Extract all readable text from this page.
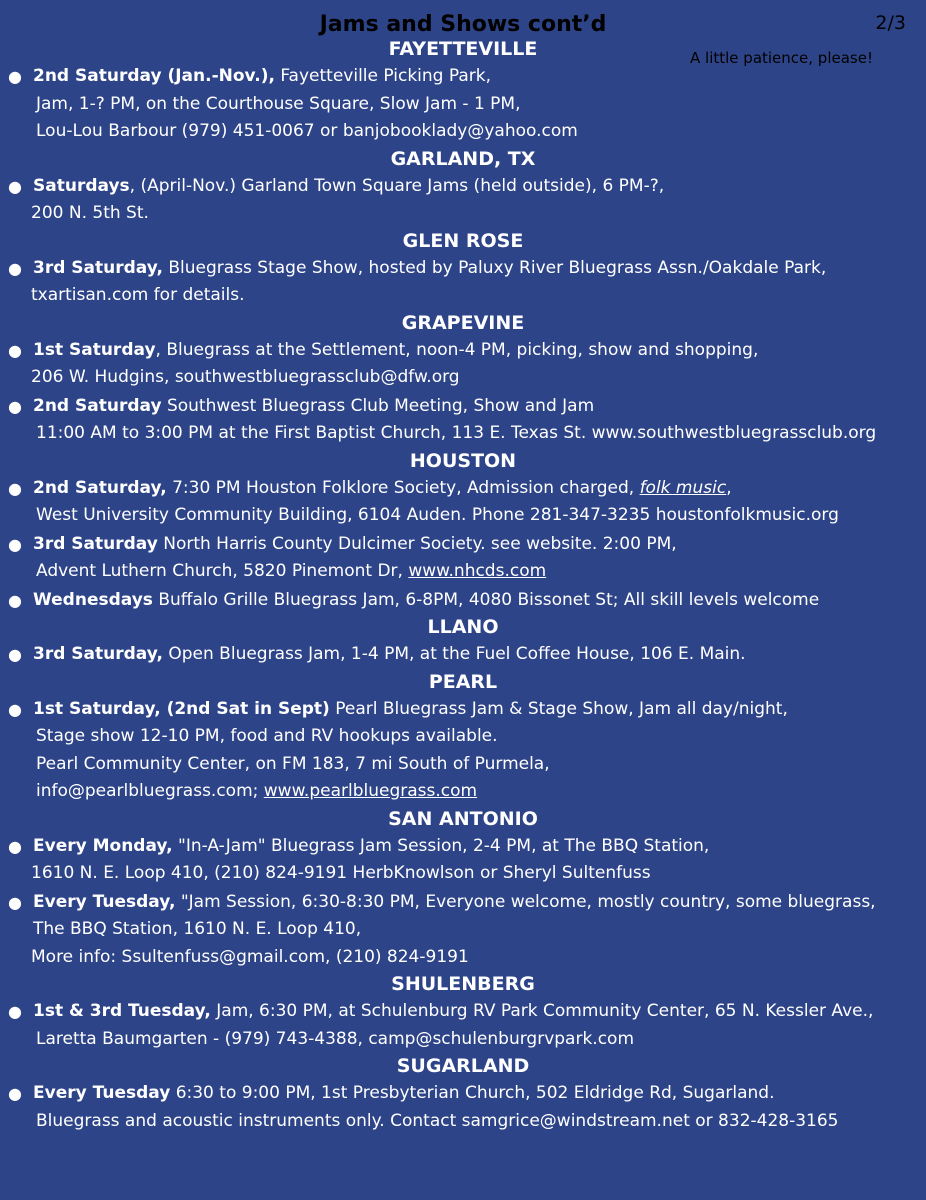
Jams and Shows cont’d	2/3
A little patience, please!
FAYETTEVILLE
● 2nd Saturday (Jan.-Nov.), Fayetteville Picking Park,
Jam, 1-? PM, on the Courthouse Square, Slow Jam - 1 PM,
Lou-Lou Barbour (979) 451-0067 or banjobooklady@yahoo.com
GARLAND, TX
● Saturdays, (April-Nov.) Garland Town Square Jams (held outside), 6 PM-?,
200 N. 5th St.
GLEN ROSE
● 3rd Saturday, Bluegrass Stage Show, hosted by Paluxy River Bluegrass Assn./Oakdale Park,
txartisan.com for details.
GRAPEVINE
● 1st Saturday, Bluegrass at the Settlement, noon-4 PM, picking, show and shopping,
206 W. Hudgins, southwestbluegrassclub@dfw.org
● 2nd Saturday Southwest Bluegrass Club Meeting, Show and Jam
11:00 AM to 3:00 PM at the First Baptist Church, 113 E. Texas St. www.southwestbluegrassclub.org
HOUSTON
● 2nd Saturday, 7:30 PM Houston Folklore Society, Admission charged, folk music,
West University Community Building, 6104 Auden. Phone 281-347-3235 houstonfolkmusic.org
● 3rd Saturday North Harris County Dulcimer Society. see website. 2:00 PM,
Advent Luthern Church, 5820 Pinemont Dr, www.nhcds.com
● Wednesdays Buffalo Grille Bluegrass Jam, 6-8PM, 4080 Bissonet St; All skill levels welcome
LLANO
● 3rd Saturday, Open Bluegrass Jam, 1-4 PM, at the Fuel Coffee House, 106 E. Main.
PEARL
● 1st Saturday, (2nd Sat in Sept) Pearl Bluegrass Jam & Stage Show, Jam all day/night,
Stage show 12-10 PM, food and RV hookups available.
Pearl Community Center, on FM 183, 7 mi South of Purmela,
info@pearlbluegrass.com; www.pearlbluegrass.com
SAN ANTONIO
● Every Monday, "In-A-Jam" Bluegrass Jam Session, 2-4 PM, at The BBQ Station,
1610 N. E. Loop 410, (210) 824-9191 HerbKnowlson or Sheryl Sultenfuss
● Every Tuesday, "Jam Session, 6:30-8:30 PM, Everyone welcome, mostly country, some bluegrass,
The BBQ Station, 1610 N. E. Loop 410,
More info: Ssultenfuss@gmail.com, (210) 824-9191
SHULENBERG
● 1st & 3rd Tuesday, Jam, 6:30 PM, at Schulenburg RV Park Community Center, 65 N. Kessler Ave.,
Laretta Baumgarten - (979) 743-4388, camp@schulenburgrvpark.com
SUGARLAND
● Every Tuesday 6:30 to 9:00 PM, 1st Presbyterian Church, 502 Eldridge Rd, Sugarland.
Bluegrass and acoustic instruments only. Contact samgrice@windstream.net or 832-428-3165
